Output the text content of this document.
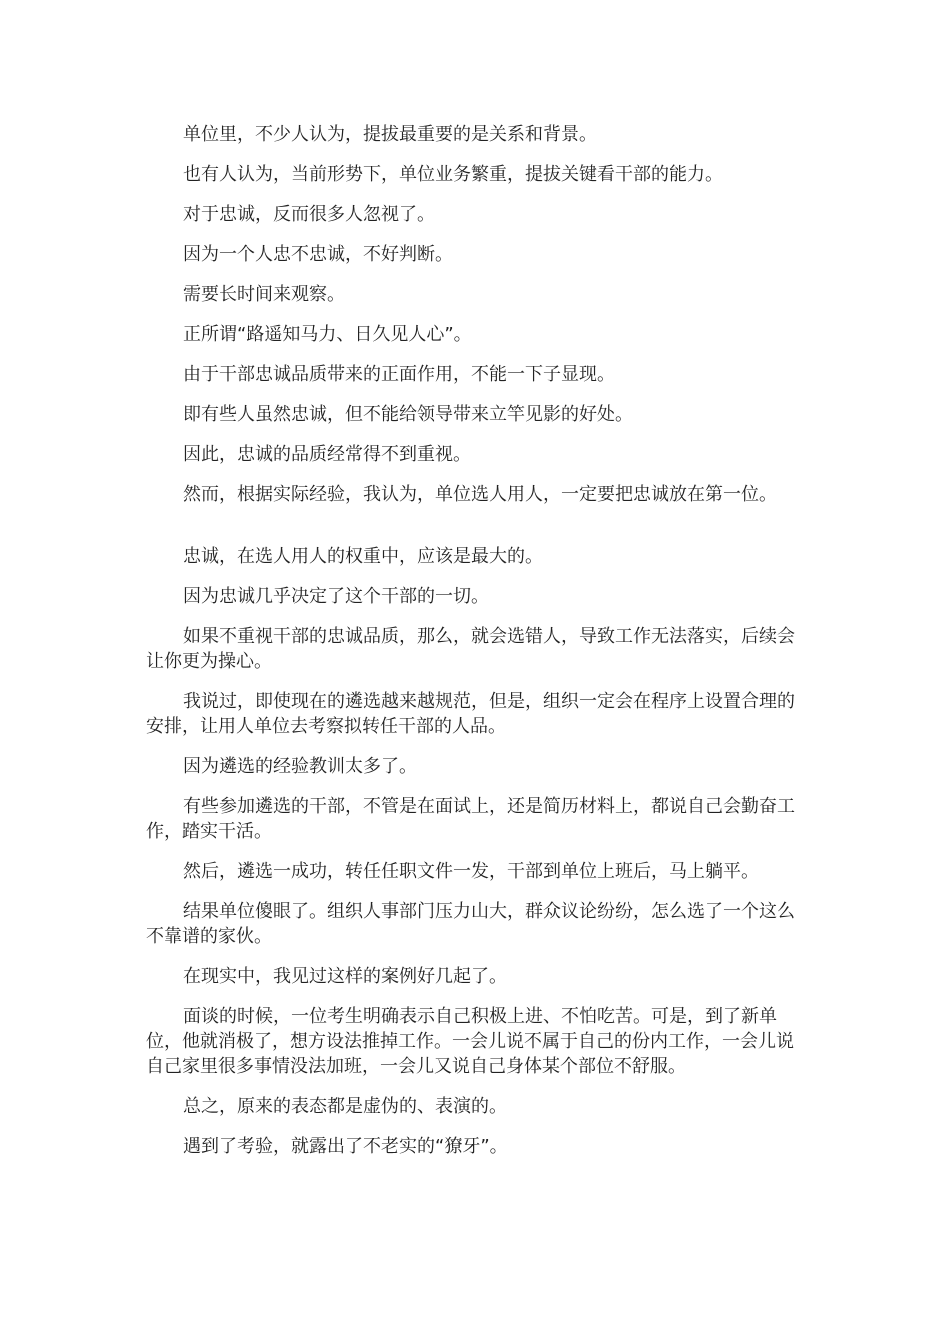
单位里，不少人认为，提拔最重要的是关系和背景。

也有人认为，当前形势下，单位业务繁重，提拔关键看干部的能力。

对于忠诚，反而很多人忽视了。

因为一个人忠不忠诚，不好判断。

需要长时间来观察。

正所谓“路遥知马力、日久见人心”。

由于干部忠诚品质带来的正面作用，不能一下子显现。

即有些人虽然忠诚，但不能给领导带来立竿见影的好处。

因此，忠诚的品质经常得不到重视。

然而，根据实际经验，我认为，单位选人用人，一定要把忠诚放在第一位。

忠诚，在选人用人的权重中，应该是最大的。

因为忠诚几乎决定了这个干部的一切。

如果不重视干部的忠诚品质，那么，就会选错人，导致工作无法落实，后续会让你更为操心。

我说过，即使现在的遴选越来越规范，但是，组织一定会在程序上设置合理的安排，让用人单位去考察拟转任干部的人品。

因为遴选的经验教训太多了。

有些参加遴选的干部，不管是在面试上，还是简历材料上，都说自己会勤奋工作，踏实干活。

然后，遴选一成功，转任任职文件一发，干部到单位上班后，马上躺平。

结果单位傻眼了。组织人事部门压力山大，群众议论纷纷，怎么选了一个这么不靠谱的家伙。

在现实中，我见过这样的案例好几起了。

面谈的时候，一位考生明确表示自己积极上进、不怕吃苦。可是，到了新单位，他就消极了，想方设法推掉工作。一会儿说不属于自己的份内工作，一会儿说自己家里很多事情没法加班，一会儿又说自己身体某个部位不舒服。

总之，原来的表态都是虚伪的、表演的。

遇到了考验，就露出了不老实的“獠牙”。
